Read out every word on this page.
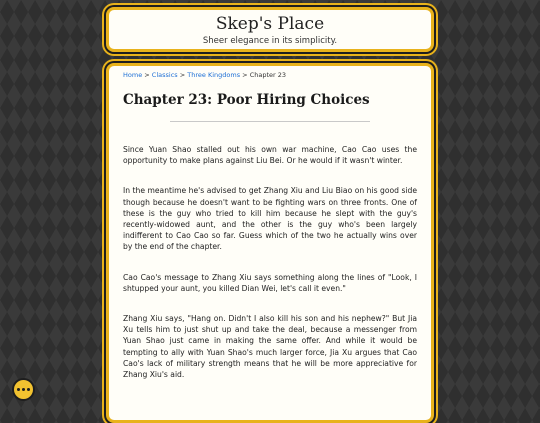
Skep's Place
Sheer elegance in its simplicity.
Home > Classics > Three Kingdoms > Chapter 23
Chapter 23: Poor Hiring Choices

Since Yuan Shao stalled out his own war machine, Cao Cao uses the opportunity to make plans against Liu Bei. Or he would if it wasn't winter.

In the meantime he's advised to get Zhang Xiu and Liu Biao on his good side though because he doesn't want to be fighting wars on three fronts. One of these is the guy who tried to kill him because he slept with the guy's recently-widowed aunt, and the other is the guy who's been largely indifferent to Cao Cao so far. Guess which of the two he actually wins over by the end of the chapter.

Cao Cao's message to Zhang Xiu says something along the lines of "Look, I shtupped your aunt, you killed Dian Wei, let's call it even."

Zhang Xiu says, "Hang on. Didn't I also kill his son and his nephew?" But Jia Xu tells him to just shut up and take the deal, because a messenger from Yuan Shao just came in making the same offer. And while it would be tempting to ally with Yuan Shao's much larger force, Jia Xu argues that Cao Cao's lack of military strength means that he will be more appreciative for Zhang Xiu's aid.
